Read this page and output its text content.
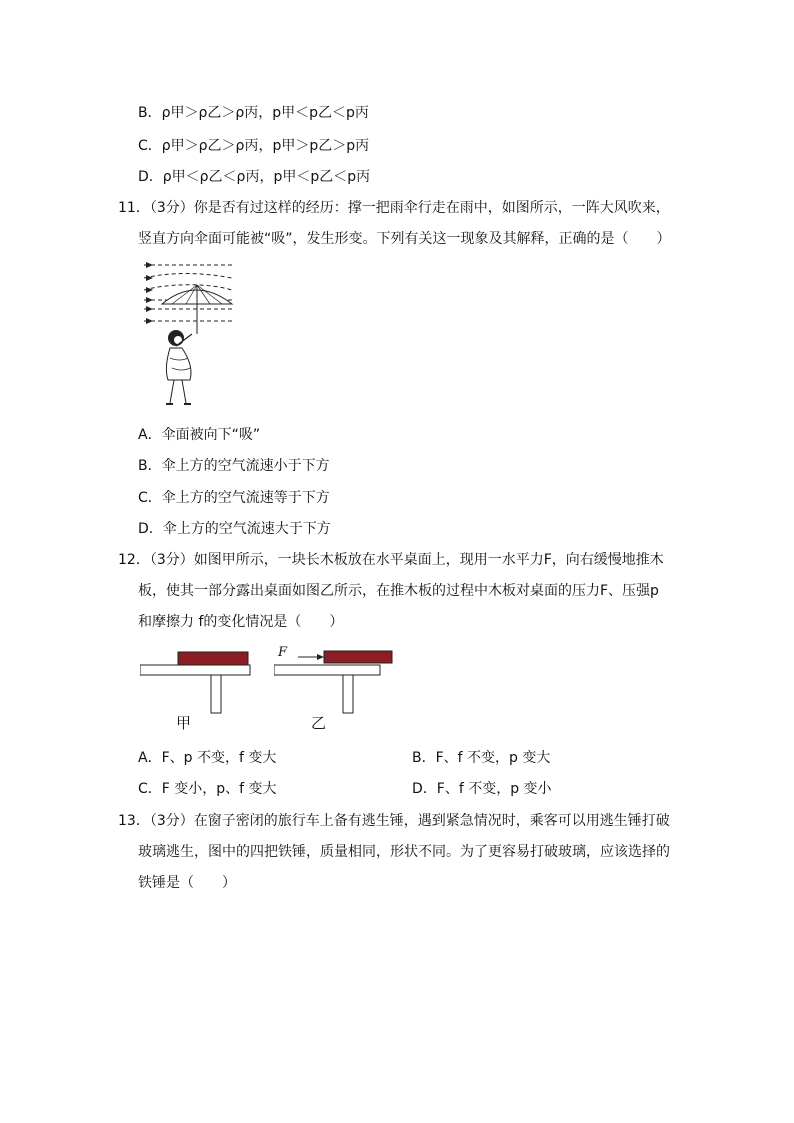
B．ρ甲＞ρ乙＞ρ丙，p甲＜p乙＜p丙
C．ρ甲＞ρ乙＞ρ丙，p甲＞p乙＞p丙
D．ρ甲＜ρ乙＜ρ丙，p甲＜p乙＜p丙
11．（3分）你是否有过这样的经历：撑一把雨伞行走在雨中，如图所示，一阵大风吹来，
竖直方向伞面可能被“吸”，发生形变。下列有关这一现象及其解释，正确的是（　　）
A．伞面被向下“吸”
B．伞上方的空气流速小于下方
C．伞上方的空气流速等于下方
D．伞上方的空气流速大于下方
12．（3分）如图甲所示，一块长木板放在水平桌面上，现用一水平力F，向右缓慢地推木
板，使其一部分露出桌面如图乙所示，在推木板的过程中木板对桌面的压力F、压强p
和摩擦力 f的变化情况是（　　）
甲
F
乙
A．F、p 不变，f 变大	B．F、f 不变，p 变大
C．F 变小，p、f 变大	D．F、f 不变，p 变小
13．（3分）在窗子密闭的旅行车上备有逃生锤，遇到紧急情况时，乘客可以用逃生锤打破
玻璃逃生，图中的四把铁锤，质量相同，形状不同。为了更容易打破玻璃，应该选择的
铁锤是（　　）
